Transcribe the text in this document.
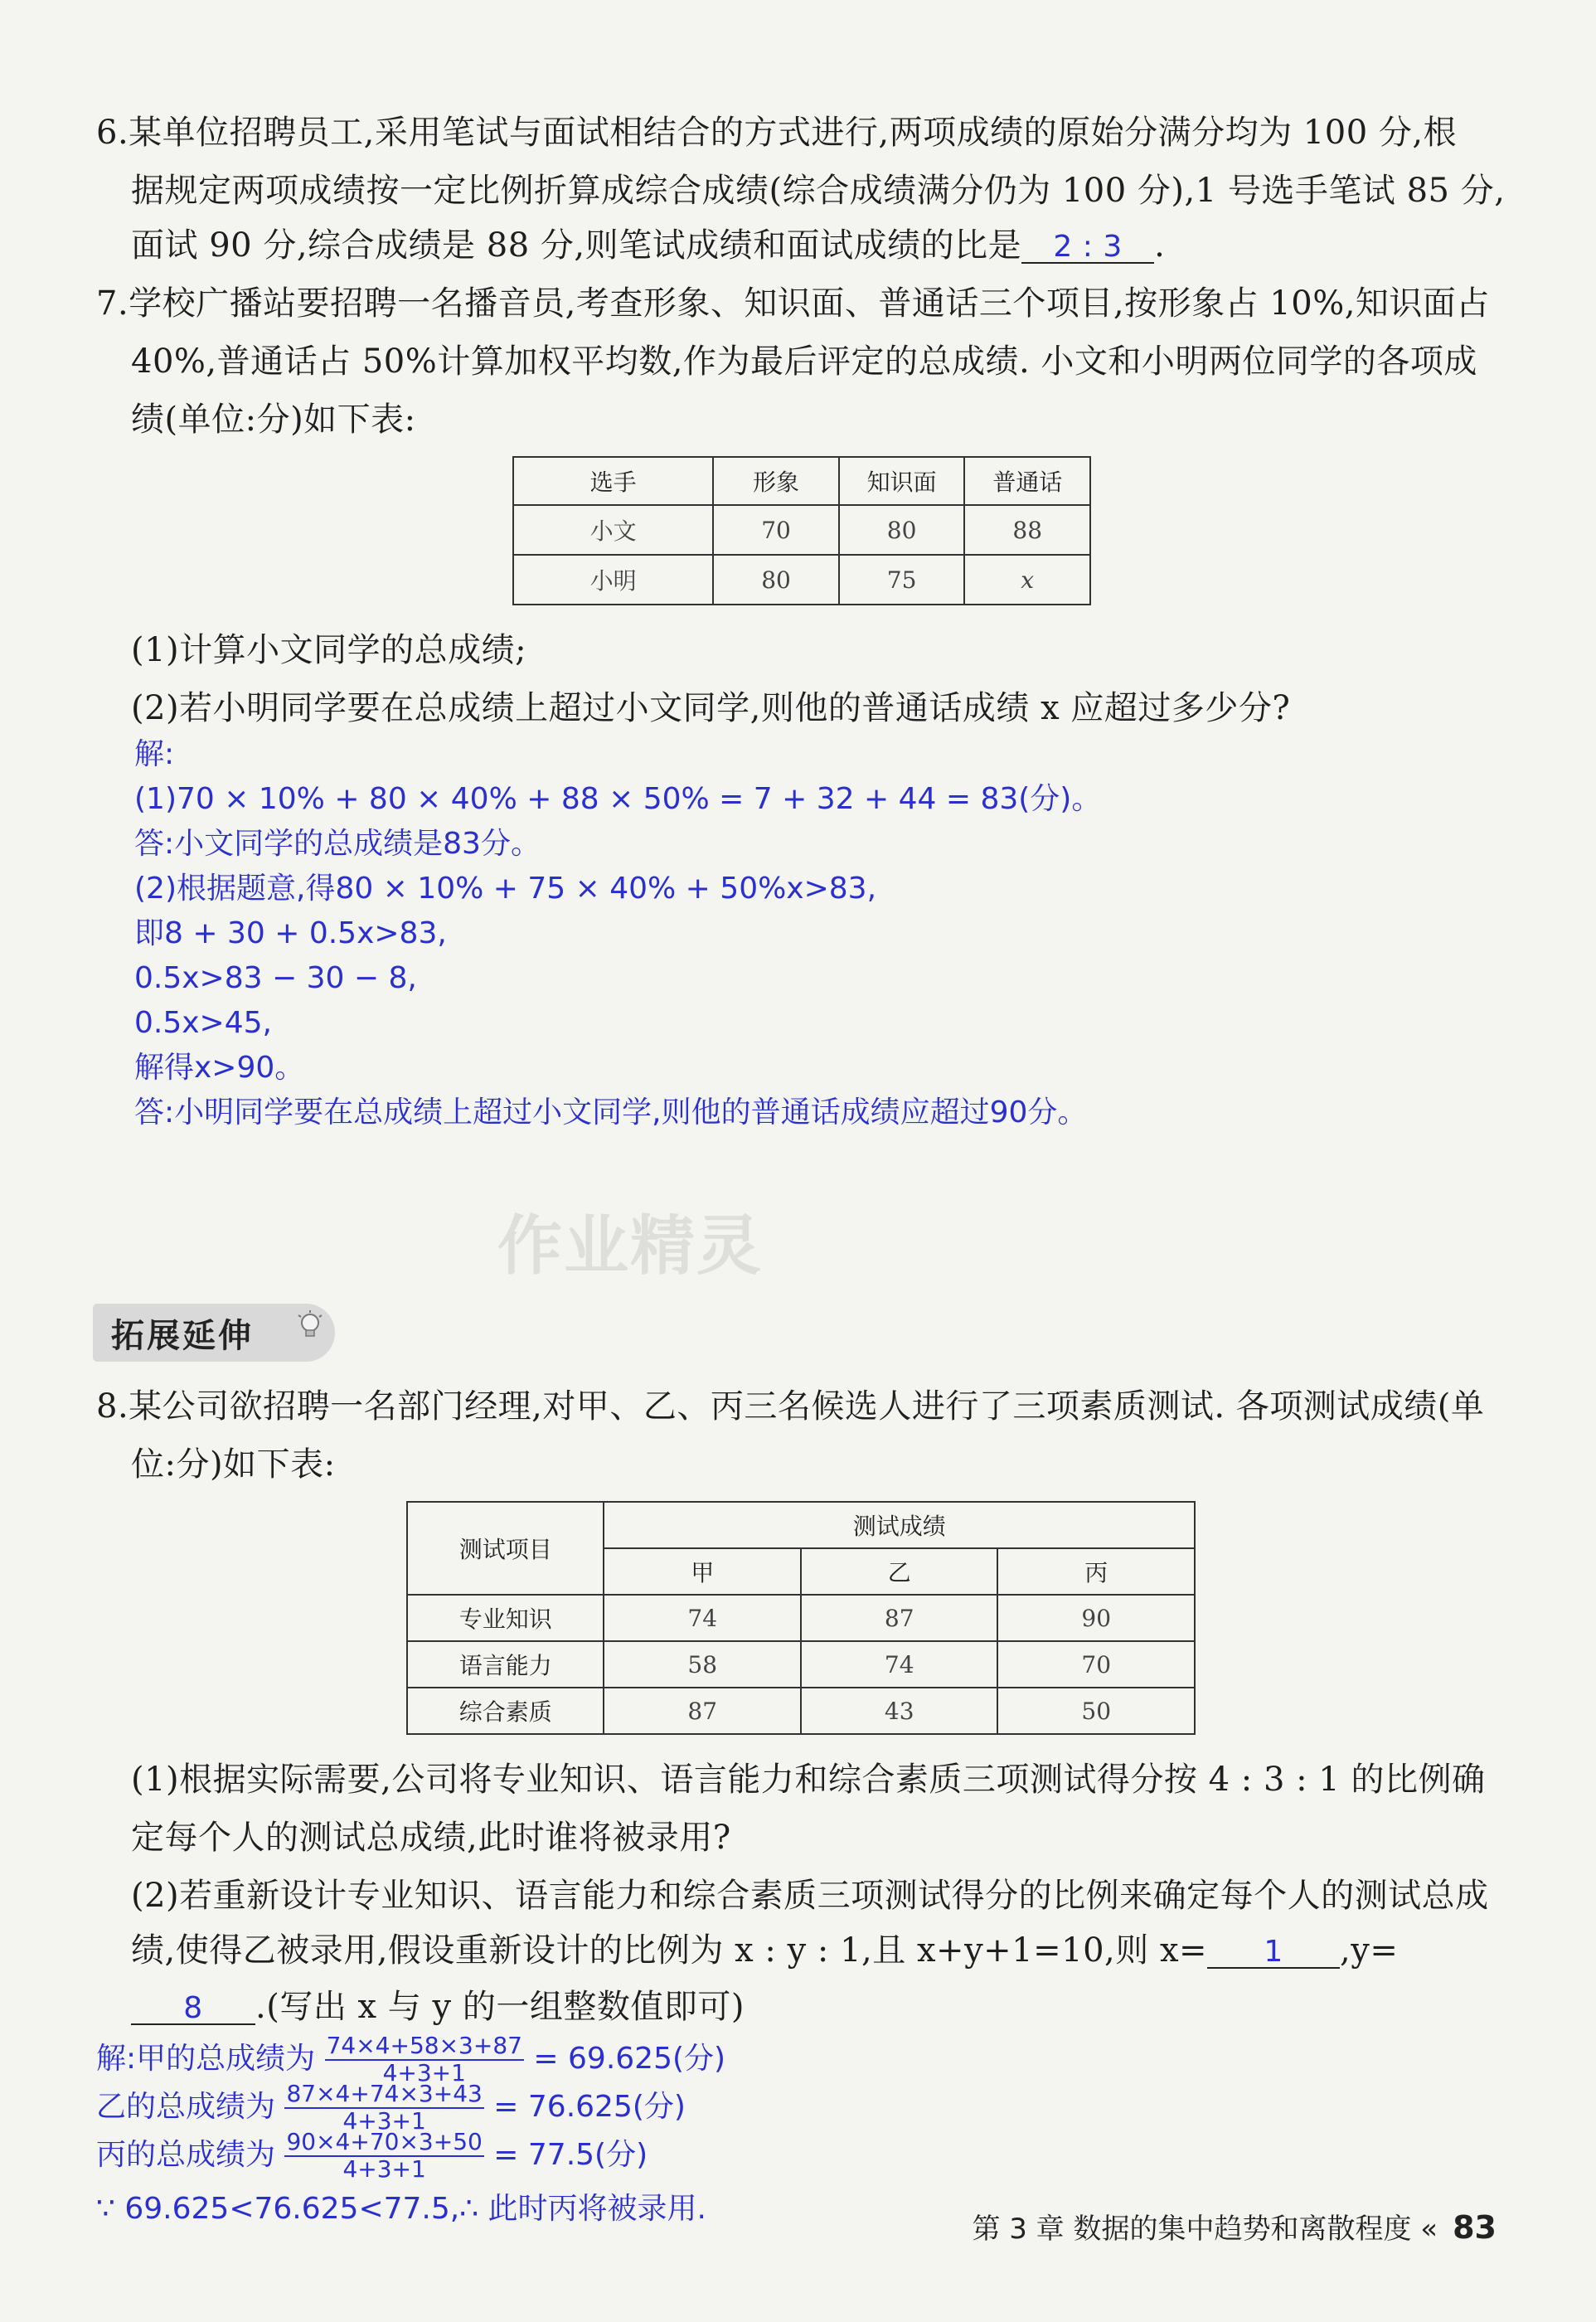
6.某单位招聘员工,采用笔试与面试相结合的方式进行,两项成绩的原始分满分均为 100 分,根
据规定两项成绩按一定比例折算成综合成绩(综合成绩满分仍为 100 分),1 号选手笔试 85 分,
面试 90 分,综合成绩是 88 分,则笔试成绩和面试成绩的比是 2 : 3 .
7.学校广播站要招聘一名播音员,考查形象、知识面、普通话三个项目,按形象占 10%,知识面占
40%,普通话占 50%计算加权平均数,作为最后评定的总成绩. 小文和小明两位同学的各项成
绩(单位:分)如下表:
选手	形象	知识面	普通话
小文	70	80	88
小明	80	75	x
(1)计算小文同学的总成绩;
(2)若小明同学要在总成绩上超过小文同学,则他的普通话成绩 x 应超过多少分?
解:
(1)70 × 10% + 80 × 40% + 88 × 50% = 7 + 32 + 44 = 83(分)。
答:小文同学的总成绩是83分。
(2)根据题意,得80 × 10% + 75 × 40% + 50%x>83,
即8 + 30 + 0.5x>83,
0.5x>83 − 30 − 8,
0.5x>45,
解得x>90。
答:小明同学要在总成绩上超过小文同学,则他的普通话成绩应超过90分。
作业精灵
拓展延伸
8.某公司欲招聘一名部门经理,对甲、乙、丙三名候选人进行了三项素质测试. 各项测试成绩(单
位:分)如下表:
测试项目	测试成绩		
	甲	乙	丙
专业知识	74	87	90
语言能力	58	74	70
综合素质	87	43	50
(1)根据实际需要,公司将专业知识、语言能力和综合素质三项测试得分按 4 : 3 : 1 的比例确
定每个人的测试总成绩,此时谁将被录用?
(2)若重新设计专业知识、语言能力和综合素质三项测试得分的比例来确定每个人的测试总成
绩,使得乙被录用,假设重新设计的比例为 x : y : 1,且 x+y+1=10,则 x= 1 ,y=
8 .(写出 x 与 y 的一组整数值即可)
解:甲的总成绩为 $\frac{74\times 4+58\times 3+87}{4+3+1} = 69.625$(分)
乙的总成绩为 $\frac{87\times 4+74\times 3+43}{4+3+1} = 76.625$(分)
丙的总成绩为 $\frac{90\times 4+70\times 3+50}{4+3+1} = 77.5$(分)
∵ 69.625<76.625<77.5,∴ 此时丙将被录用.
第 3 章 数据的集中趋势和离散程度 « 83
